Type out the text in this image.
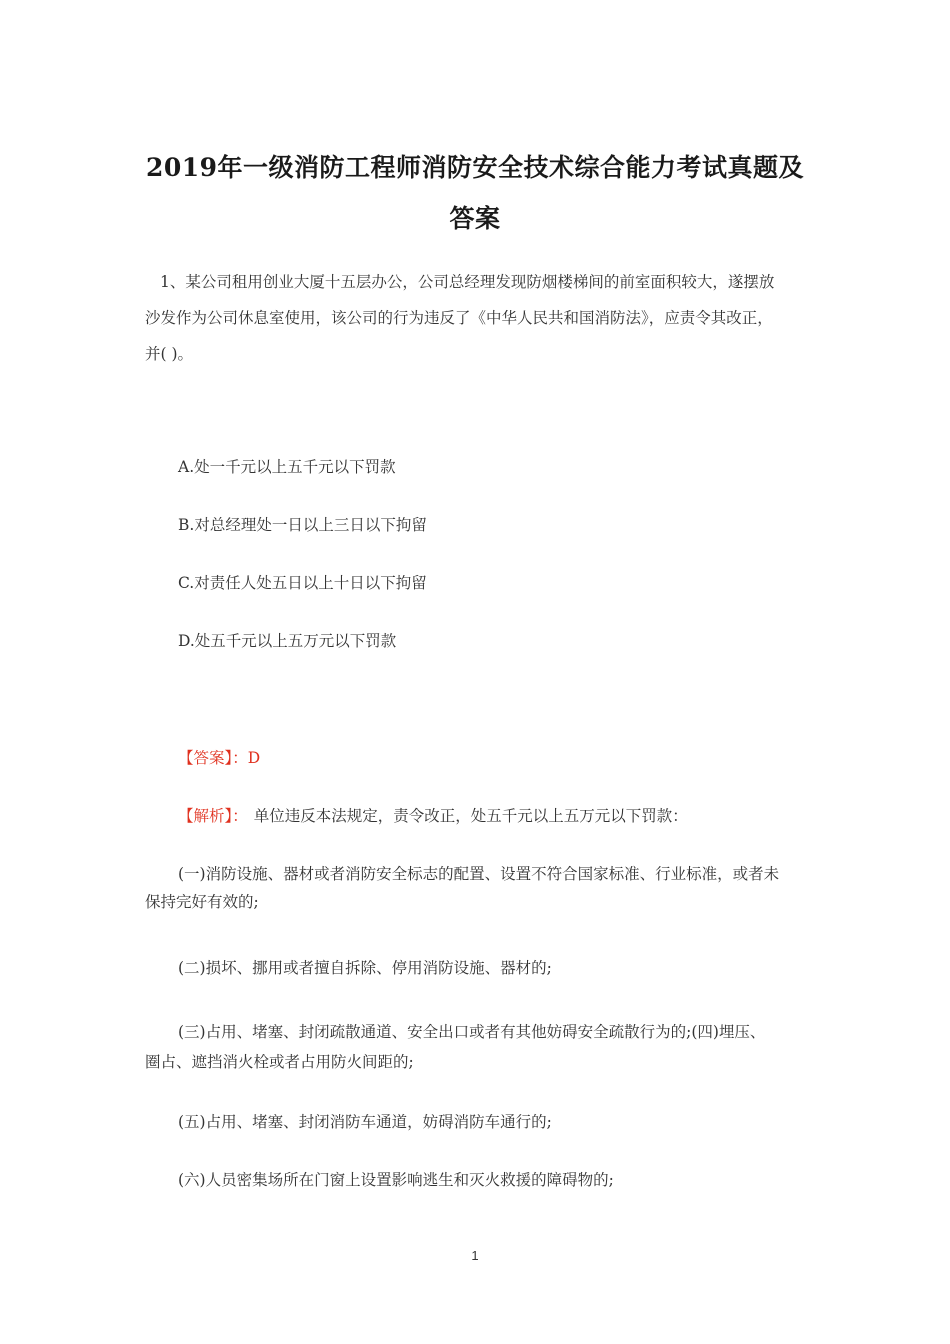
2019年一级消防工程师消防安全技术综合能力考试真题及
答案
1、某公司租用创业大厦十五层办公，公司总经理发现防烟楼梯间的前室面积较大，遂摆放
沙发作为公司休息室使用，该公司的行为违反了《中华人民共和国消防法》，应责令其改正，
并( )。
A.处一千元以上五千元以下罚款
B.对总经理处一日以上三日以下拘留
C.对责任人处五日以上十日以下拘留
D.处五千元以上五万元以下罚款
【答案】：D
【解析】： 单位违反本法规定，责令改正，处五千元以上五万元以下罚款：
(一)消防设施、器材或者消防安全标志的配置、设置不符合国家标准、行业标准，或者未
保持完好有效的;
(二)损坏、挪用或者擅自拆除、停用消防设施、器材的;
(三)占用、堵塞、封闭疏散通道、安全出口或者有其他妨碍安全疏散行为的;(四)埋压、
圈占、遮挡消火栓或者占用防火间距的;
(五)占用、堵塞、封闭消防车通道，妨碍消防车通行的;
(六)人员密集场所在门窗上设置影响逃生和灭火救援的障碍物的;
1
